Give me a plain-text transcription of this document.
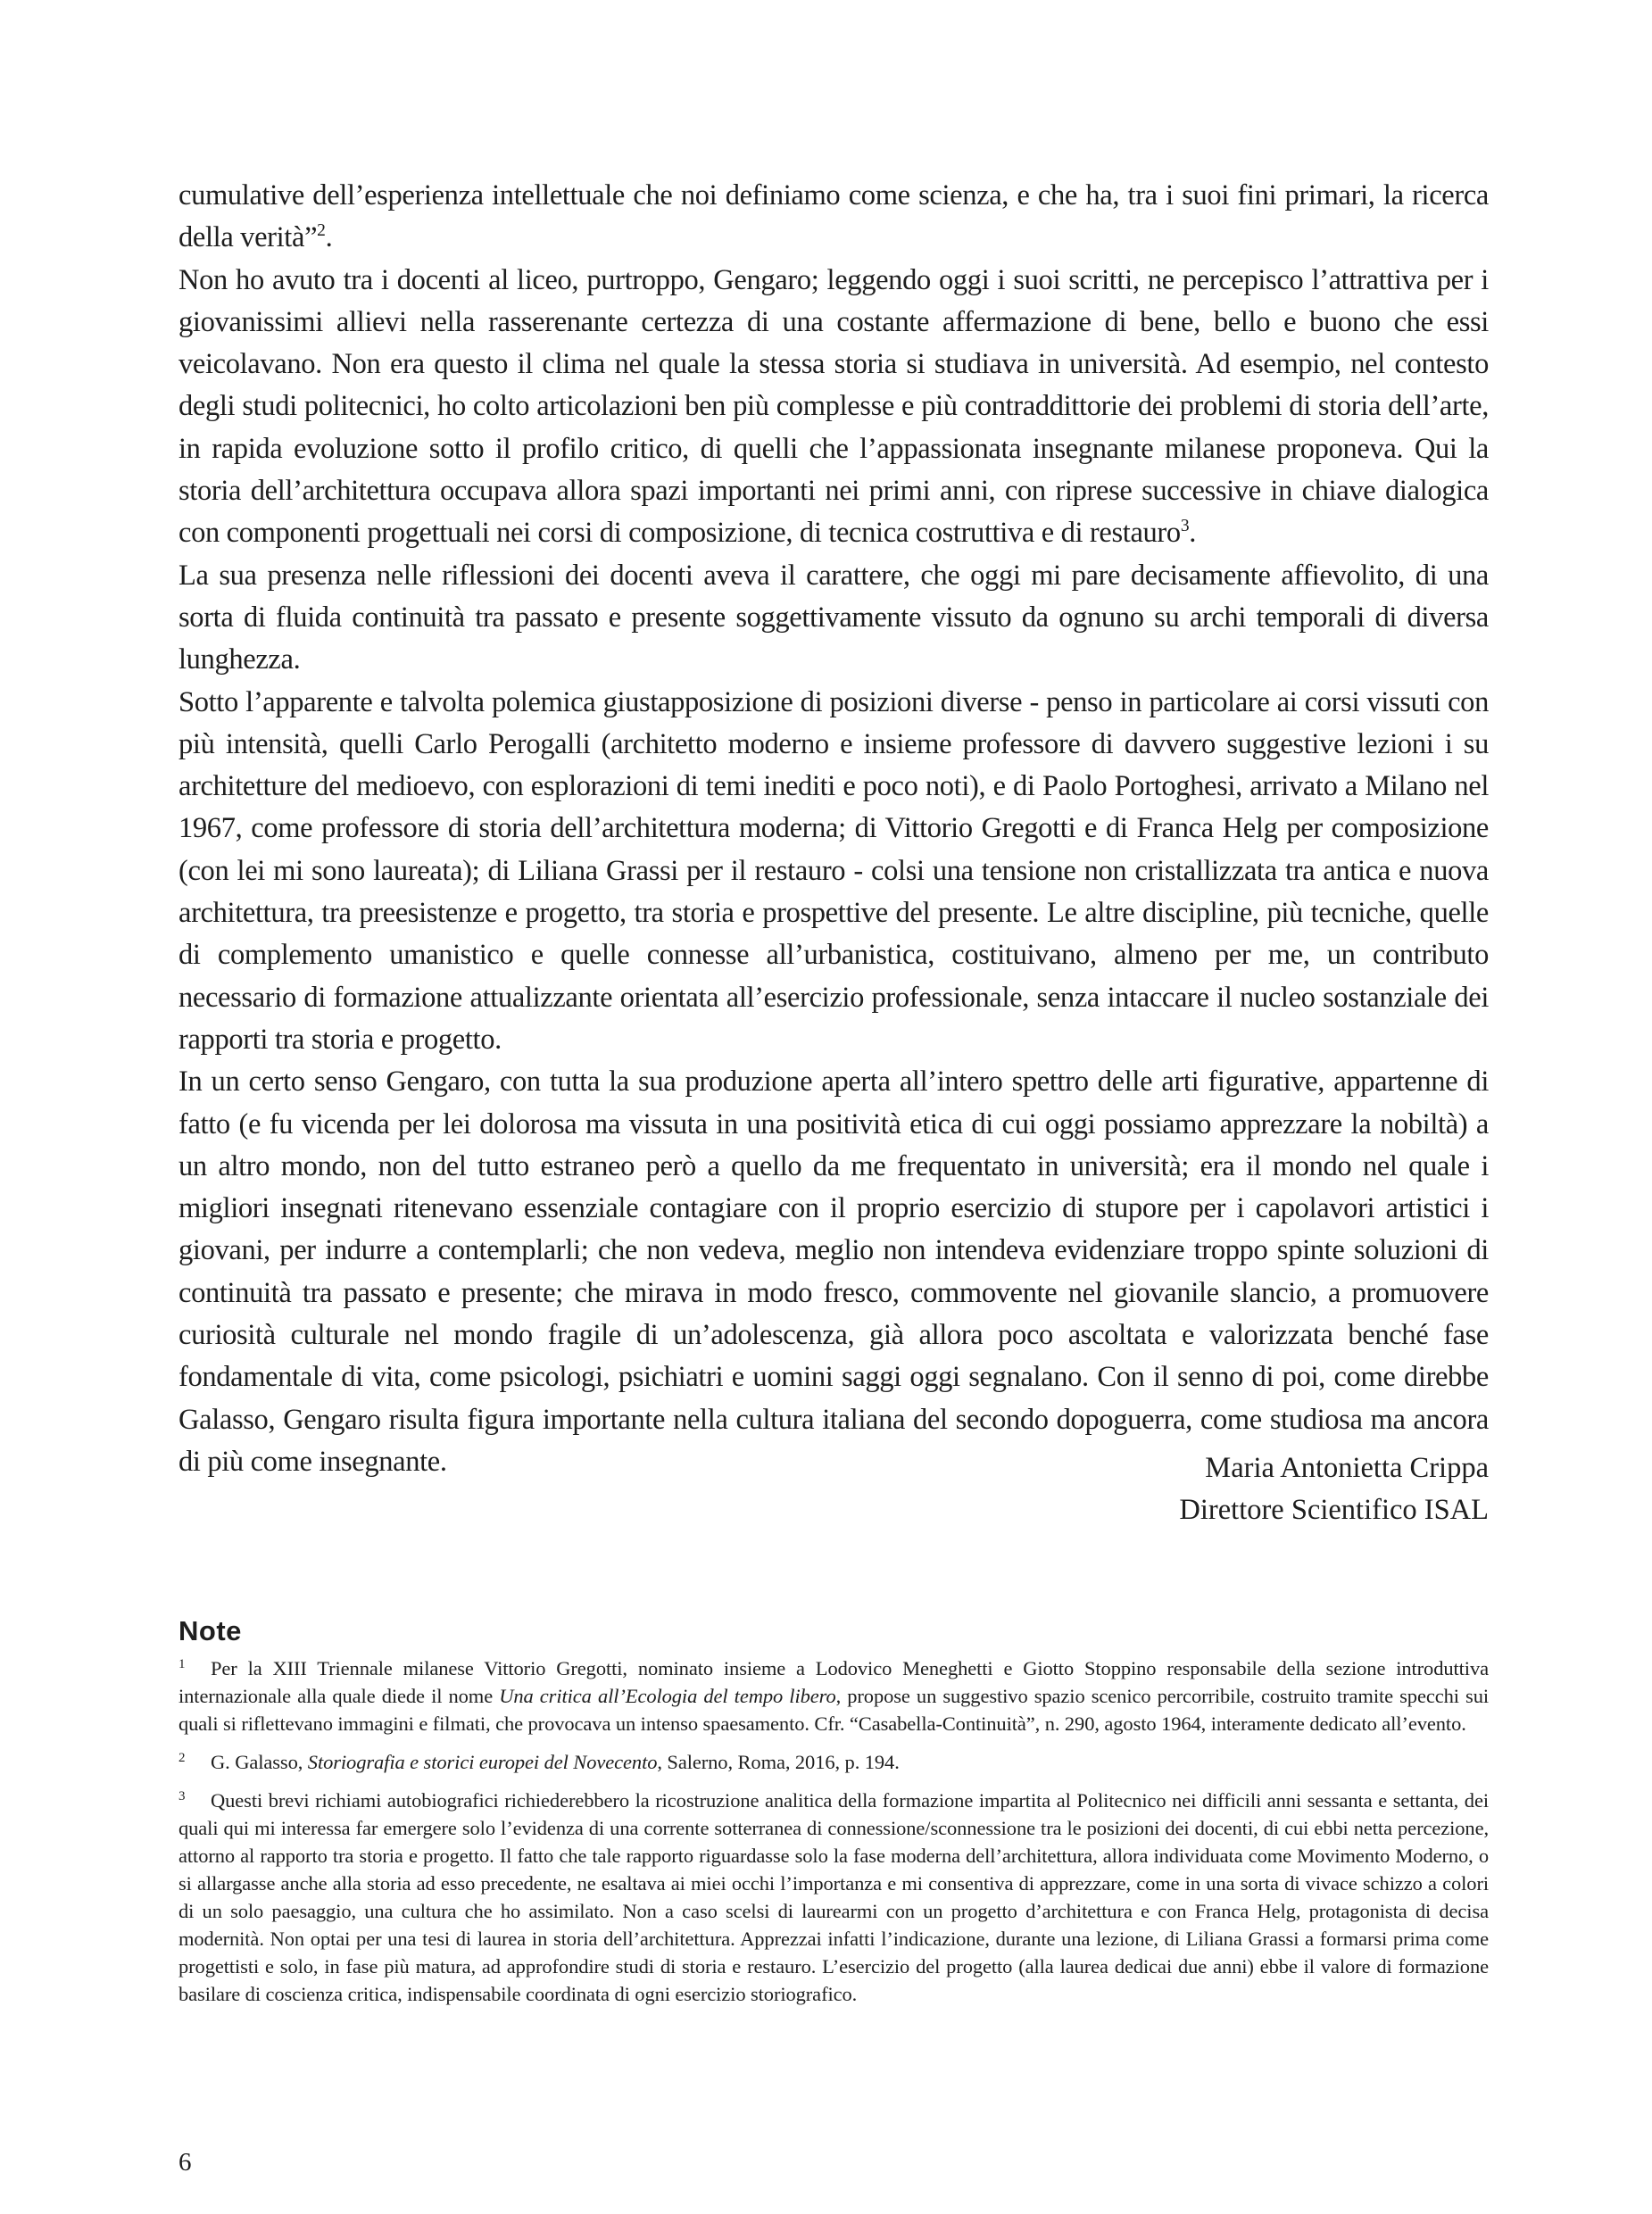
cumulative dell’esperienza intellettuale che noi definiamo come scienza, e che ha, tra i suoi fini primari, la ricerca della verità”$^2$.

Non ho avuto tra i docenti al liceo, purtroppo, Gengaro; leggendo oggi i suoi scritti, ne percepisco l’attrattiva per i giovanissimi allievi nella rasserenante certezza di una costante affermazione di bene, bello e buono che essi veicolavano. Non era questo il clima nel quale la stessa storia si studiava in università. Ad esempio, nel contesto degli studi politecnici, ho colto articolazioni ben più complesse e più contraddittorie dei problemi di storia dell’arte, in rapida evoluzione sotto il profilo critico, di quelli che l’appassionata insegnante milanese proponeva. Qui la storia dell’architettura occupava allora spazi importanti nei primi anni, con riprese successive in chiave dialogica con componenti progettuali nei corsi di composizione, di tecnica costruttiva e di restauro$^3$.

La sua presenza nelle riflessioni dei docenti aveva il carattere, che oggi mi pare decisamente affievolito, di una sorta di fluida continuità tra passato e presente soggettivamente vissuto da ognuno su archi temporali di diversa lunghezza.

Sotto l’apparente e talvolta polemica giustapposizione di posizioni diverse - penso in particolare ai corsi vissuti con più intensità, quelli Carlo Perogalli (architetto moderno e insieme professore di davvero suggestive lezioni i su architetture del medioevo, con esplorazioni di temi inediti e poco noti), e di Paolo Portoghesi, arrivato a Milano nel 1967, come professore di storia dell’architettura moderna; di Vittorio Gregotti e di Franca Helg per composizione (con lei mi sono laureata); di Liliana Grassi per il restauro - colsi una tensione non cristallizzata tra antica e nuova architettura, tra preesistenze e progetto, tra storia e prospettive del presente. Le altre discipline, più tecniche, quelle di complemento umanistico e quelle connesse all’urbanistica, costituivano, almeno per me, un contributo necessario di formazione attualizzante orientata all’esercizio professionale, senza intaccare il nucleo sostanziale dei rapporti tra storia e progetto.

In un certo senso Gengaro, con tutta la sua produzione aperta all’intero spettro delle arti figurative, appartenne di fatto (e fu vicenda per lei dolorosa ma vissuta in una positività etica di cui oggi possiamo apprezzare la nobiltà) a un altro mondo, non del tutto estraneo però a quello da me frequentato in università; era il mondo nel quale i migliori insegnati ritenevano essenziale contagiare con il proprio esercizio di stupore per i capolavori artistici i giovani, per indurre a contemplarli; che non vedeva, meglio non intendeva evidenziare troppo spinte soluzioni di continuità tra passato e presente; che mirava in modo fresco, commovente nel giovanile slancio, a promuovere curiosità culturale nel mondo fragile di un’adolescenza, già allora poco ascoltata e valorizzata benché fase fondamentale di vita, come psicologi, psichiatri e uomini saggi oggi segnalano. Con il senno di poi, come direbbe Galasso, Gengaro risulta figura importante nella cultura italiana del secondo dopoguerra, come studiosa ma ancora di più come insegnante.	Maria Antonietta Crippa
Direttore Scientifico ISAL
Note

1 Per la XIII Triennale milanese Vittorio Gregotti, nominato insieme a Lodovico Meneghetti e Giotto Stoppino responsabile della sezione introduttiva internazionale alla quale diede il nome Una critica all’Ecologia del tempo libero, propose un suggestivo spazio scenico percorribile, costruito tramite specchi sui quali si riflettevano immagini e filmati, che provocava un intenso spaesamento. Cfr. “Casabella-Continuità”, n. 290, agosto 1964, interamente dedicato all’evento.

2 G. Galasso, Storiografia e storici europei del Novecento, Salerno, Roma, 2016, p. 194.

3 Questi brevi richiami autobiografici richiederebbero la ricostruzione analitica della formazione impartita al Politecnico nei difficili anni sessanta e settanta, dei quali qui mi interessa far emergere solo l’evidenza di una corrente sotterranea di connessione/sconnessione tra le posizioni dei docenti, di cui ebbi netta percezione, attorno al rapporto tra storia e progetto. Il fatto che tale rapporto riguardasse solo la fase moderna dell’architettura, allora individuata come Movimento Moderno, o si allargasse anche alla storia ad esso precedente, ne esaltava ai miei occhi l’importanza e mi consentiva di apprezzare, come in una sorta di vivace schizzo a colori di un solo paesaggio, una cultura che ho assimilato. Non a caso scelsi di laurearmi con un progetto d’architettura e con Franca Helg, protagonista di decisa modernità. Non optai per una tesi di laurea in storia dell’architettura. Apprezzai infatti l’indicazione, durante una lezione, di Liliana Grassi a formarsi prima come progettisti e solo, in fase più matura, ad approfondire studi di storia e restauro. L’esercizio del progetto (alla laurea dedicai due anni) ebbe il valore di formazione basilare di coscienza critica, indispensabile coordinata di ogni esercizio storiografico.

6
